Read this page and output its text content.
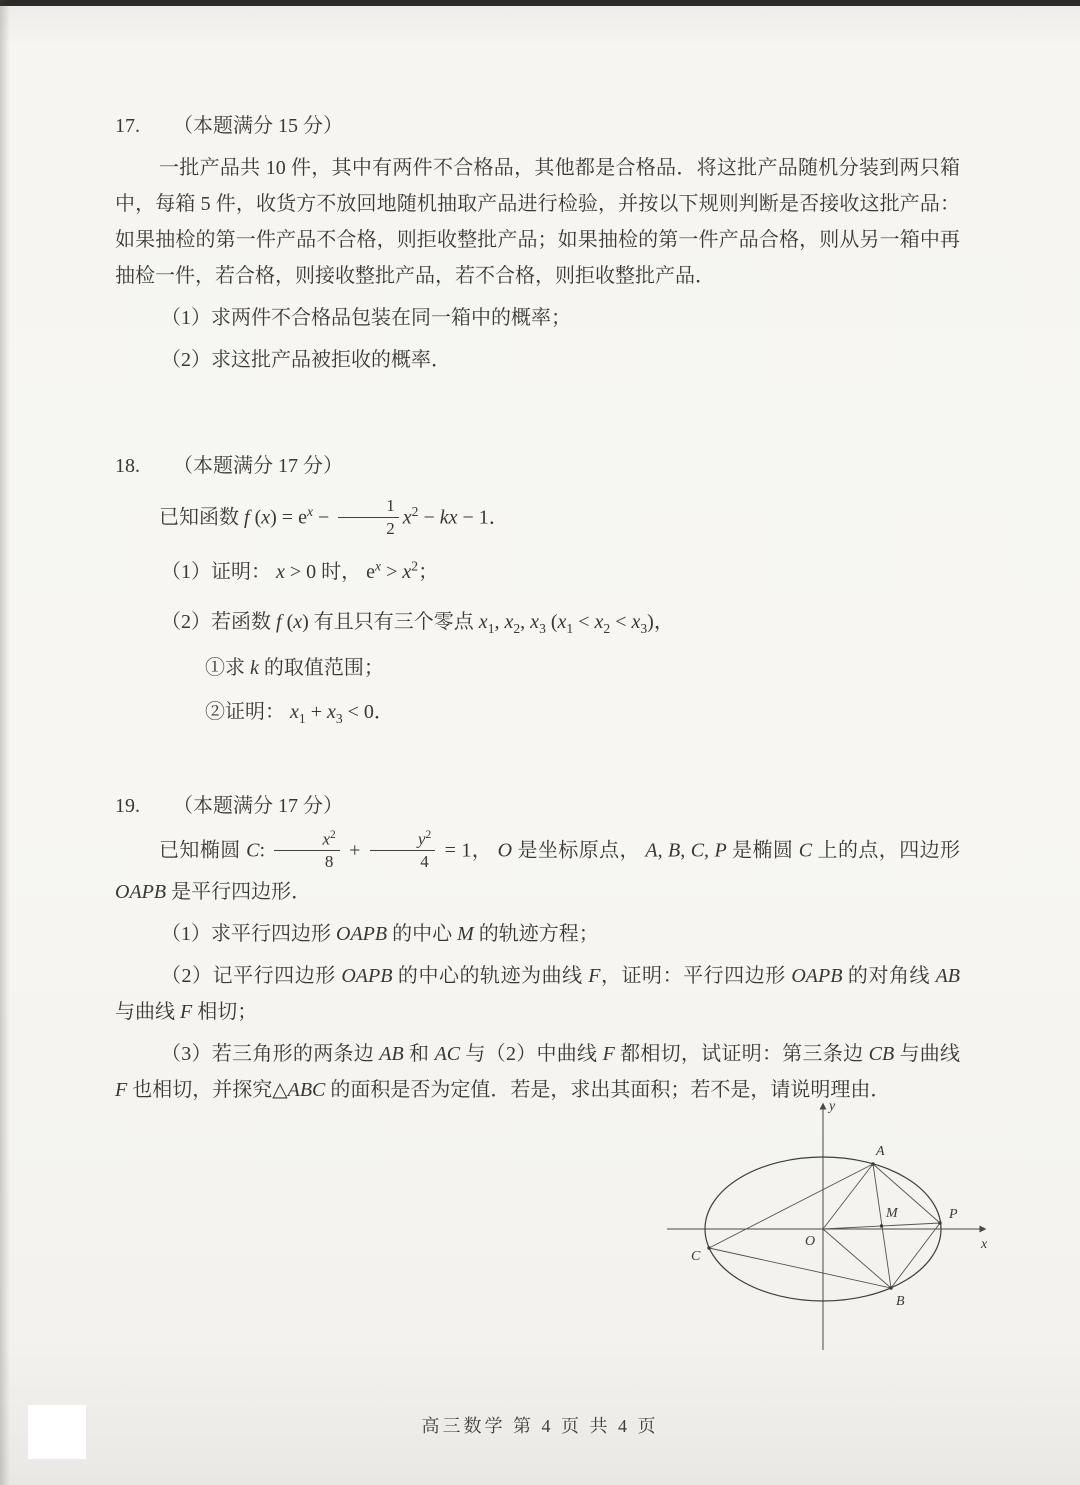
17.	（本题满分 15 分）

一批产品共 10 件，其中有两件不合格品，其他都是合格品．将这批产品随机分装到两只箱中，每箱 5 件，收货方不放回地随机抽取产品进行检验，并按以下规则判断是否接收这批产品：如果抽检的第一件产品不合格，则拒收整批产品；如果抽检的第一件产品合格，则从另一箱中再抽检一件，若合格，则接收整批产品，若不合格，则拒收整批产品．

（1）求两件不合格品包装在同一箱中的概率；

（2）求这批产品被拒收的概率．

18.	（本题满分 17 分）

已知函数 f $(x) = e^x - \frac{1}{2} x^2$ − kx − 1．

（1）证明： x > 0 时， $e^x > x^2$；

（2）若函数 f (x) 有且只有三个零点 $x_1$, $x_2$, $x_3$ $(x_1 < x_2 < x_3)$，

①求 k 的取值范围；

②证明： $x_1 + x_3 < 0$．

19.	（本题满分 17 分）

已知椭圆 C: $\frac{x^2}{8} + \frac{y^2}{4} = 1$， O 是坐标原点， A, B, C, P 是椭圆 C 上的点，四边形 OAPB 是平行四边形．

（1）求平行四边形 OAPB 的中心 M 的轨迹方程；

（2）记平行四边形 OAPB 的中心的轨迹为曲线 F，证明：平行四边形 OAPB 的对角线 AB 与曲线 F 相切；

（3）若三角形的两条边 AB 和 AC 与（2）中曲线 F 都相切，试证明：第三条边 CB 与曲线 F 也相切，并探究△ABC 的面积是否为定值．若是，求出其面积；若不是，请说明理由．

y
x
A
M	P
O
C
B
高三数学 第 4 页 共 4 页
